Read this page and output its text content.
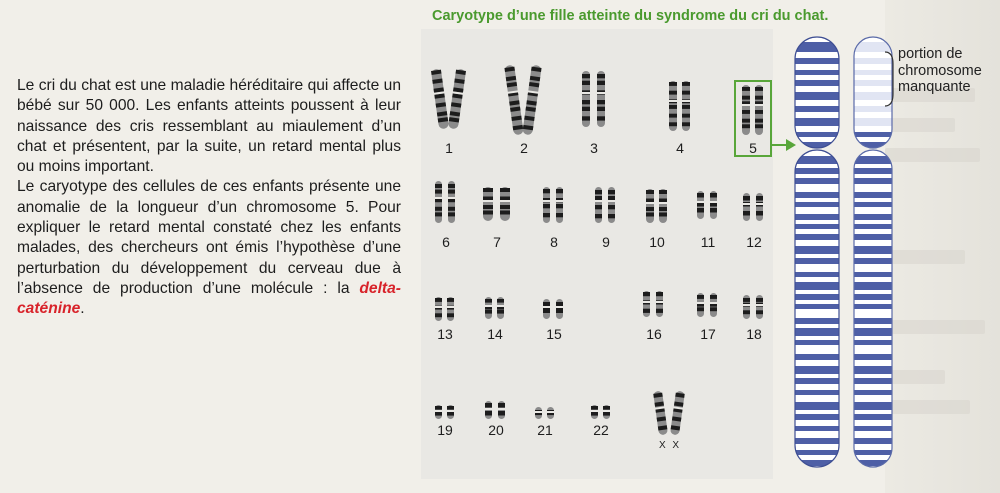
Le cri du chat est une maladie héréditaire qui affecte un bébé sur 50 000. Les enfants atteints poussent à leur naissance des cris ressemblant au miaulement d’un chat et présentent, par la suite, un retard mental plus ou moins important.

Le caryotype des cellules de ces enfants présente une anomalie de la longueur d’un chromosome 5. Pour expliquer le retard mental constaté chez les enfants malades, des chercheurs ont émis l’hypothèse d’une perturbation du développement du cerveau due à l’absence de production d’une molécule : la delta-caténine.

Caryotype d’une fille atteinte du syndrome du cri du chat.
1	2	3	4	5
6	7	8	9	10	11	12
13	14	15	16	17	18
19	20	21	22
X X
portion de chromosome manquante
